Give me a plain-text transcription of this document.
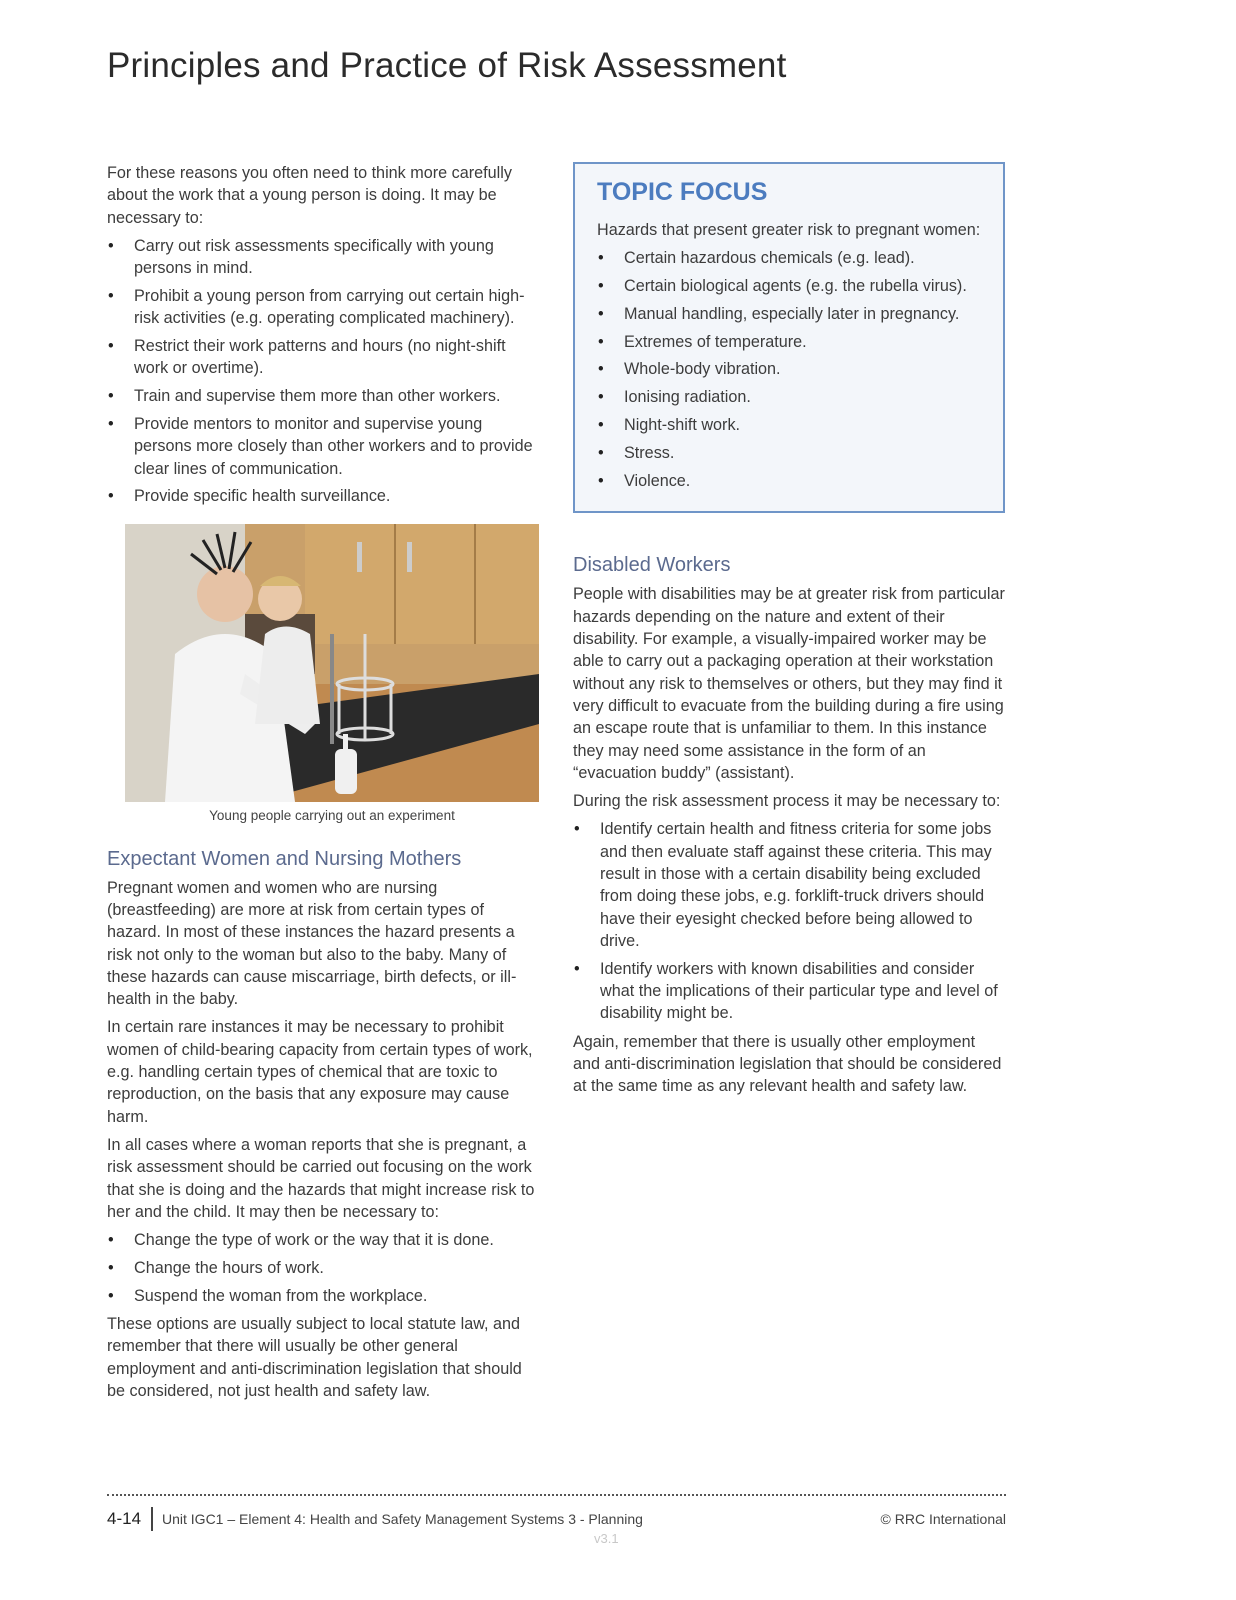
Principles and Practice of Risk Assessment

For these reasons you often need to think more carefully about the work that a young person is doing. It may be necessary to:

• Carry out risk assessments specifically with young persons in mind.
• Prohibit a young person from carrying out certain high-risk activities (e.g. operating complicated machinery).
• Restrict their work patterns and hours (no night-shift work or overtime).
• Train and supervise them more than other workers.
• Provide mentors to monitor and supervise young persons more closely than other workers and to provide clear lines of communication.
• Provide specific health surveillance.
Young people carrying out an experiment
Expectant Women and Nursing Mothers

Pregnant women and women who are nursing (breastfeeding) are more at risk from certain types of hazard. In most of these instances the hazard presents a risk not only to the woman but also to the baby. Many of these hazards can cause miscarriage, birth defects, or ill-health in the baby.

In certain rare instances it may be necessary to prohibit women of child-bearing capacity from certain types of work, e.g. handling certain types of chemical that are toxic to reproduction, on the basis that any exposure may cause harm.

In all cases where a woman reports that she is pregnant, a risk assessment should be carried out focusing on the work that she is doing and the hazards that might increase risk to her and the child. It may then be necessary to:

• Change the type of work or the way that it is done.
• Change the hours of work.
• Suspend the woman from the workplace.

These options are usually subject to local statute law, and remember that there will usually be other general employment and anti-discrimination legislation that should be considered, not just health and safety law.

TOPIC FOCUS

Hazards that present greater risk to pregnant women:

• Certain hazardous chemicals (e.g. lead).
• Certain biological agents (e.g. the rubella virus).
• Manual handling, especially later in pregnancy.
• Extremes of temperature.
• Whole-body vibration.
• Ionising radiation.
• Night-shift work.
• Stress.
• Violence.
Disabled Workers

People with disabilities may be at greater risk from particular hazards depending on the nature and extent of their disability. For example, a visually-impaired worker may be able to carry out a packaging operation at their workstation without any risk to themselves or others, but they may find it very difficult to evacuate from the building during a fire using an escape route that is unfamiliar to them. In this instance they may need some assistance in the form of an “evacuation buddy” (assistant).

During the risk assessment process it may be necessary to:

• Identify certain health and fitness criteria for some jobs and then evaluate staff against these criteria. This may result in those with a certain disability being excluded from doing these jobs, e.g. forklift-truck drivers should have their eyesight checked before being allowed to drive.
• Identify workers with known disabilities and consider what the implications of their particular type and level of disability might be.

Again, remember that there is usually other employment and anti-discrimination legislation that should be considered at the same time as any relevant health and safety law.

4-14 Unit IGC1 – Element 4: Health and Safety Management Systems 3 - Planning	© RRC International
v3.1
